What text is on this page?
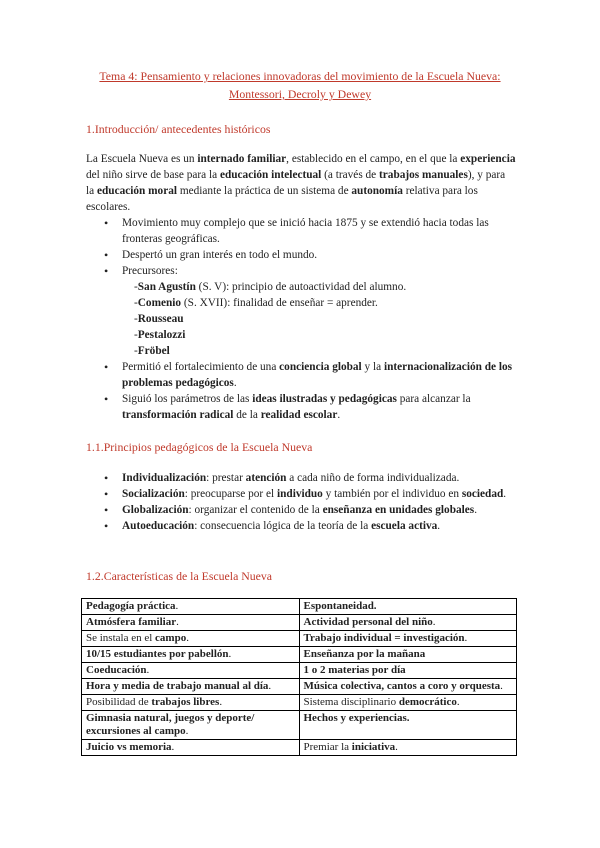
Tema 4: Pensamiento y relaciones innovadoras del movimiento de la Escuela Nueva:
Montessori, Decroly y Dewey
1.Introducción/ antecedentes históricos

La Escuela Nueva es un internado familiar, establecido en el campo, en el que la experiencia del niño sirve de base para la educación intelectual (a través de trabajos manuales), y para la educación moral mediante la práctica de un sistema de autonomía relativa para los escolares.

• Movimiento muy complejo que se inició hacia 1875 y se extendió hacia todas las fronteras geográficas.
• Despertó un gran interés en todo el mundo.
• Precursores:
-San Agustín (S. V): principio de autoactividad del alumno.
-Comenio (S. XVII): finalidad de enseñar = aprender.
-Rousseau
-Pestalozzi
-Fröbel
• Permitió el fortalecimiento de una conciencia global y la internacionalización de los problemas pedagógicos.
• Siguió los parámetros de las ideas ilustradas y pedagógicas para alcanzar la transformación radical de la realidad escolar.
1.1.Principios pedagógicos de la Escuela Nueva
• Individualización: prestar atención a cada niño de forma individualizada.
• Socialización: preocuparse por el individuo y también por el individuo en sociedad.
• Globalización: organizar el contenido de la enseñanza en unidades globales.
• Autoeducación: consecuencia lógica de la teoría de la escuela activa.
1.2.Características de la Escuela Nueva
Pedagogía práctica.	Espontaneidad.
Atmósfera familiar.	Actividad personal del niño.
Se instala en el campo.	Trabajo individual = investigación.
10/15 estudiantes por pabellón.	Enseñanza por la mañana
Coeducación.	1 o 2 materias por día
Hora y media de trabajo manual al día.	Música colectiva, cantos a coro y orquesta.
Posibilidad de trabajos libres.	Sistema disciplinario democrático.
Gimnasia natural, juegos y deporte/ excursiones al campo.	Hechos y experiencias.
Juicio vs memoria.	Premiar la iniciativa.
